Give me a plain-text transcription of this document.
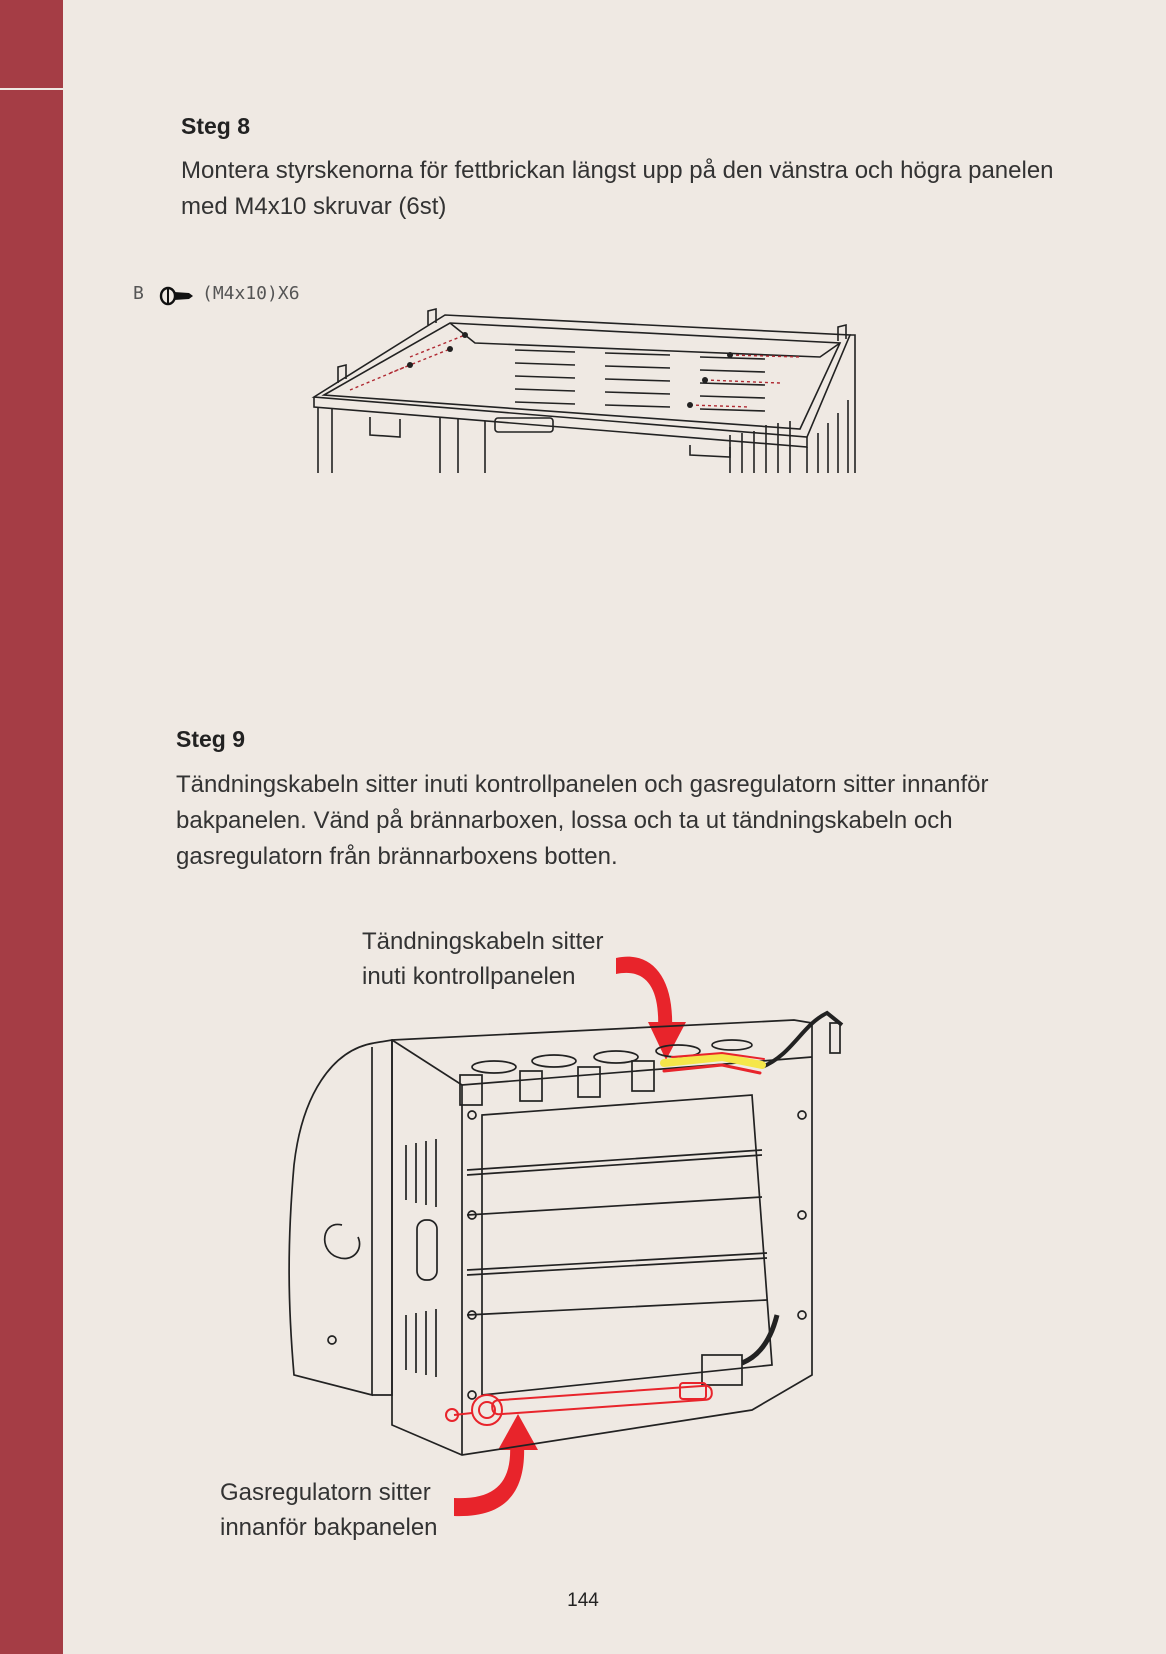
Steg 8

Montera styrskenorna för fettbrickan längst upp på den vänstra och högra panelen

med M4x10 skruvar (6st)

B	(M4x10)X6
Steg 9

Tändningskabeln sitter inuti kontrollpanelen och gasregulatorn sitter innanför

bakpanelen. Vänd på brännarboxen, lossa och ta ut tändningskabeln och

gasregulatorn från brännarboxens botten.

Tändningskabeln sitter

inuti kontrollpanelen

Gasregulatorn sitter

innanför bakpanelen

144
